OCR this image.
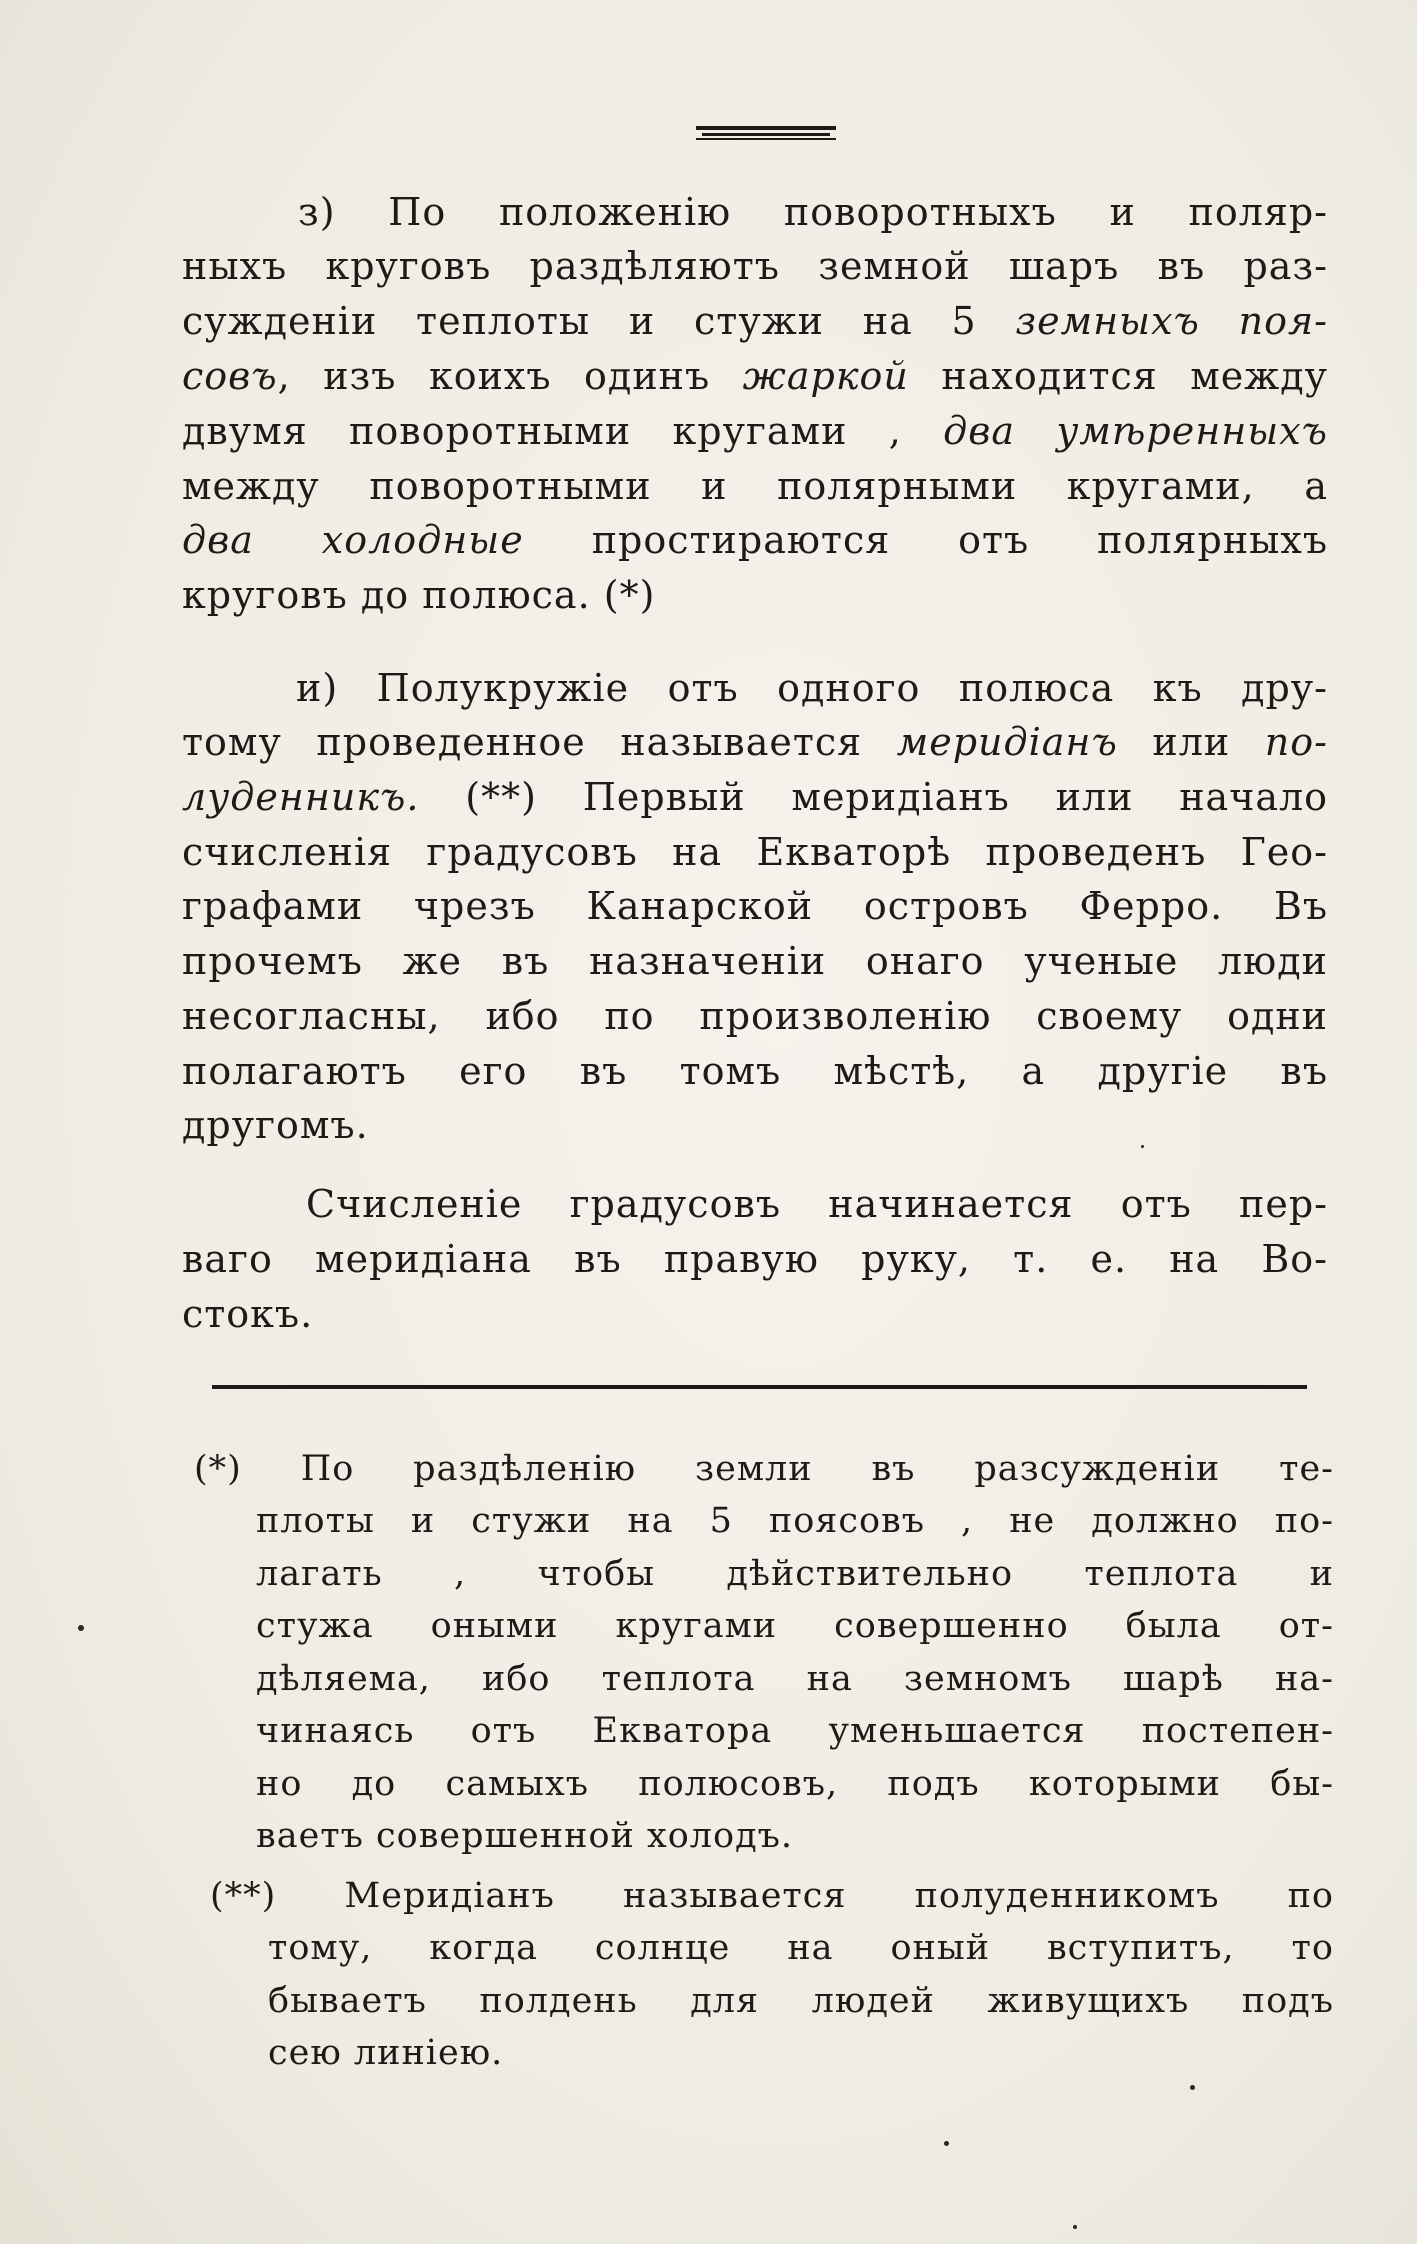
з) По положенію поворотныхъ и поляр-
ныхъ круговъ раздѣляютъ земной шаръ въ раз-
сужденіи теплоты и стужи на 5 земныхъ поя-
совъ, изъ коихъ одинъ жаркой находится между
двумя поворотными кругами , два умѣренныхъ
между поворотными и полярными кругами, а
два холодные простираются отъ полярныхъ
круговъ до полюса. (*)
и) Полукружіе отъ одного полюса къ дру-
тому проведенное называется меридіанъ или по-
луденникъ. (**) Первый меридіанъ или начало
счисленія градусовъ на Екваторѣ проведенъ Гео-
графами чрезъ Канарской островъ Ферро. Въ
прочемъ же въ назначеніи онаго ученые люди
несогласны, ибо по произволенію своему одни
полагаютъ его въ томъ мѣстѣ, а другіе въ
другомъ.
Счисленіе градусовъ начинается отъ пер-
ваго меридіана въ правую руку, т. е. на Во-
стокъ.
(*) По раздѣленію земли въ разсужденіи те-
плоты и стужи на 5 поясовъ , не должно по-
лагать , чтобы дѣйствительно теплота и
стужа оными кругами совершенно была от-
дѣляема, ибо теплота на земномъ шарѣ на-
чинаясь отъ Екватора уменьшается постепен-
но до самыхъ полюсовъ, подъ которыми бы-
ваетъ совершенной холодъ.
(**) Меридіанъ называется полуденникомъ по
тому, когда солнце на оный вступитъ, то
бываетъ полдень для людей живущихъ подъ
сею линіею.
